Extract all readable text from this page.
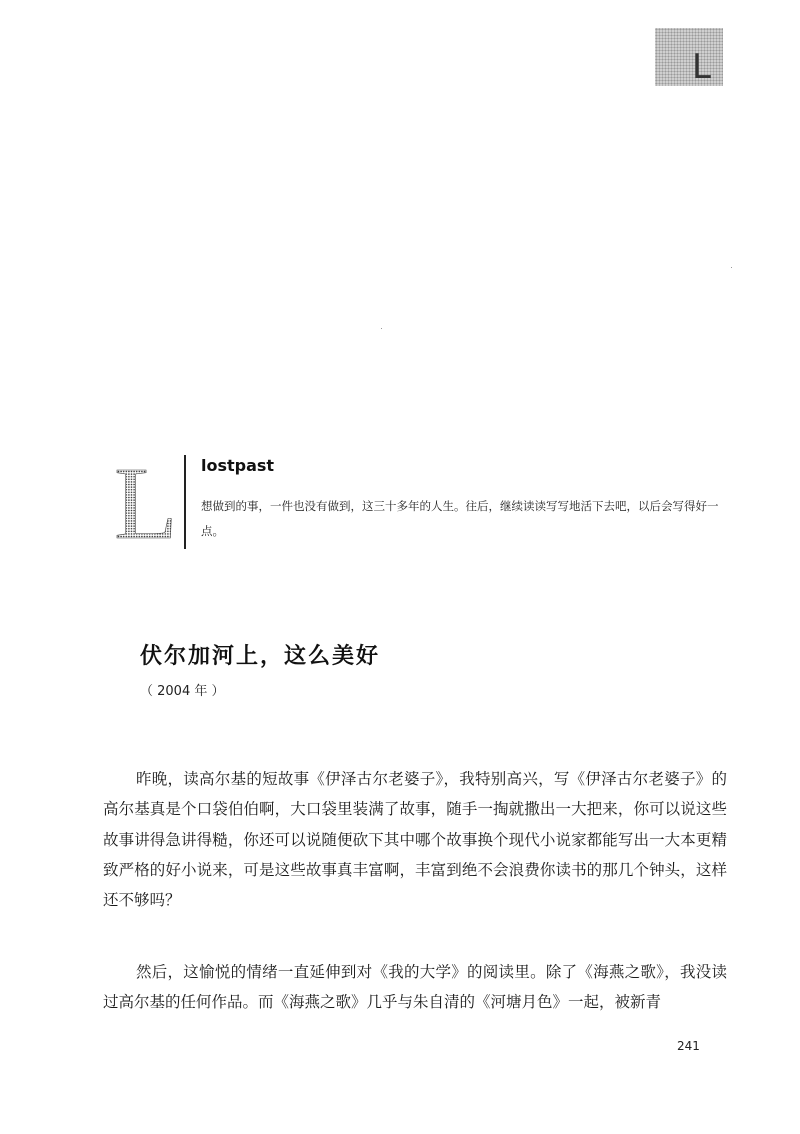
L
L lostpast
想做到的事，一件也没有做到，这三十多年的人生。往后，继续读读写写地活下去吧，以后会写得好一点。
伏尔加河上，这么美好
（ 2004 年 ）

昨晚，读高尔基的短故事《伊泽古尔老婆子》，我特别高兴，写《伊泽古尔老婆子》的高尔基真是个口袋伯伯啊，大口袋里装满了故事，随手一掏就撒出一大把来，你可以说这些故事讲得急讲得糙，你还可以说随便砍下其中哪个故事换个现代小说家都能写出一大本更精致严格的好小说来，可是这些故事真丰富啊，丰富到绝不会浪费你读书的那几个钟头，这样还不够吗？

然后，这愉悦的情绪一直延伸到对《我的大学》的阅读里。除了《海燕之歌》，我没读过高尔基的任何作品。而《海燕之歌》几乎与朱自清的《河塘月色》一起，被新青

241
